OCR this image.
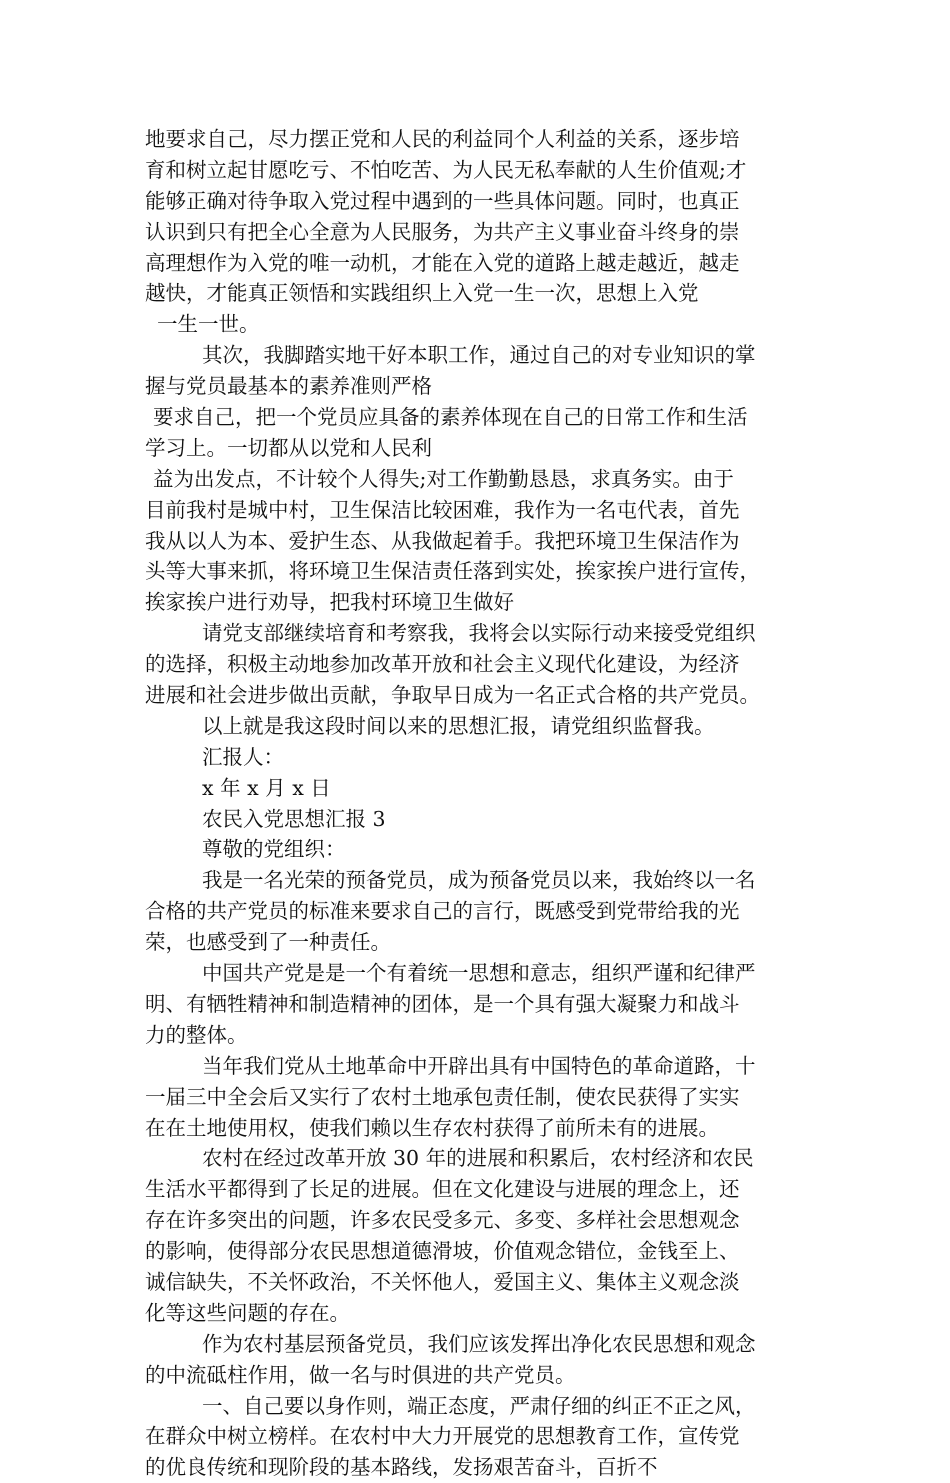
地要求自己，尽力摆正党和人民的利益同个人利益的关系，逐步培
育和树立起甘愿吃亏、不怕吃苦、为人民无私奉献的人生价值观;才
能够正确对待争取入党过程中遇到的一些具体问题。同时，也真正
认识到只有把全心全意为人民服务，为共产主义事业奋斗终身的崇
高理想作为入党的唯一动机，才能在入党的道路上越走越近，越走
越快，才能真正领悟和实践组织上入党一生一次，思想上入党
一生一世。
其次，我脚踏实地干好本职工作，通过自己的对专业知识的掌
握与党员最基本的素养准则严格
要求自己，把一个党员应具备的素养体现在自己的日常工作和生活
学习上。一切都从以党和人民利
益为出发点，不计较个人得失;对工作勤勤恳恳，求真务实。由于
目前我村是城中村，卫生保洁比较困难，我作为一名屯代表，首先
我从以人为本、爱护生态、从我做起着手。我把环境卫生保洁作为
头等大事来抓，将环境卫生保洁责任落到实处，挨家挨户进行宣传，
挨家挨户进行劝导，把我村环境卫生做好
请党支部继续培育和考察我，我将会以实际行动来接受党组织
的选择，积极主动地参加改革开放和社会主义现代化建设，为经济
进展和社会进步做出贡献，争取早日成为一名正式合格的共产党员。
以上就是我这段时间以来的思想汇报，请党组织监督我。
汇报人：
x 年 x 月 x 日
农民入党思想汇报 3
尊敬的党组织：
我是一名光荣的预备党员，成为预备党员以来，我始终以一名
合格的共产党员的标准来要求自己的言行，既感受到党带给我的光
荣，也感受到了一种责任。
中国共产党是是一个有着统一思想和意志，组织严谨和纪律严
明、有牺牲精神和制造精神的团体，是一个具有强大凝聚力和战斗
力的整体。
当年我们党从土地革命中开辟出具有中国特色的革命道路，十
一届三中全会后又实行了农村土地承包责任制，使农民获得了实实
在在土地使用权，使我们赖以生存农村获得了前所未有的进展。
农村在经过改革开放 30 年的进展和积累后，农村经济和农民
生活水平都得到了长足的进展。但在文化建设与进展的理念上，还
存在许多突出的问题，许多农民受多元、多变、多样社会思想观念
的影响，使得部分农民思想道德滑坡，价值观念错位，金钱至上、
诚信缺失，不关怀政治，不关怀他人，爱国主义、集体主义观念淡
化等这些问题的存在。
作为农村基层预备党员，我们应该发挥出净化农民思想和观念
的中流砥柱作用，做一名与时俱进的共产党员。
一、自己要以身作则，端正态度，严肃仔细的纠正不正之风，
在群众中树立榜样。在农村中大力开展党的思想教育工作，宣传党
的优良传统和现阶段的基本路线，发扬艰苦奋斗，百折不
